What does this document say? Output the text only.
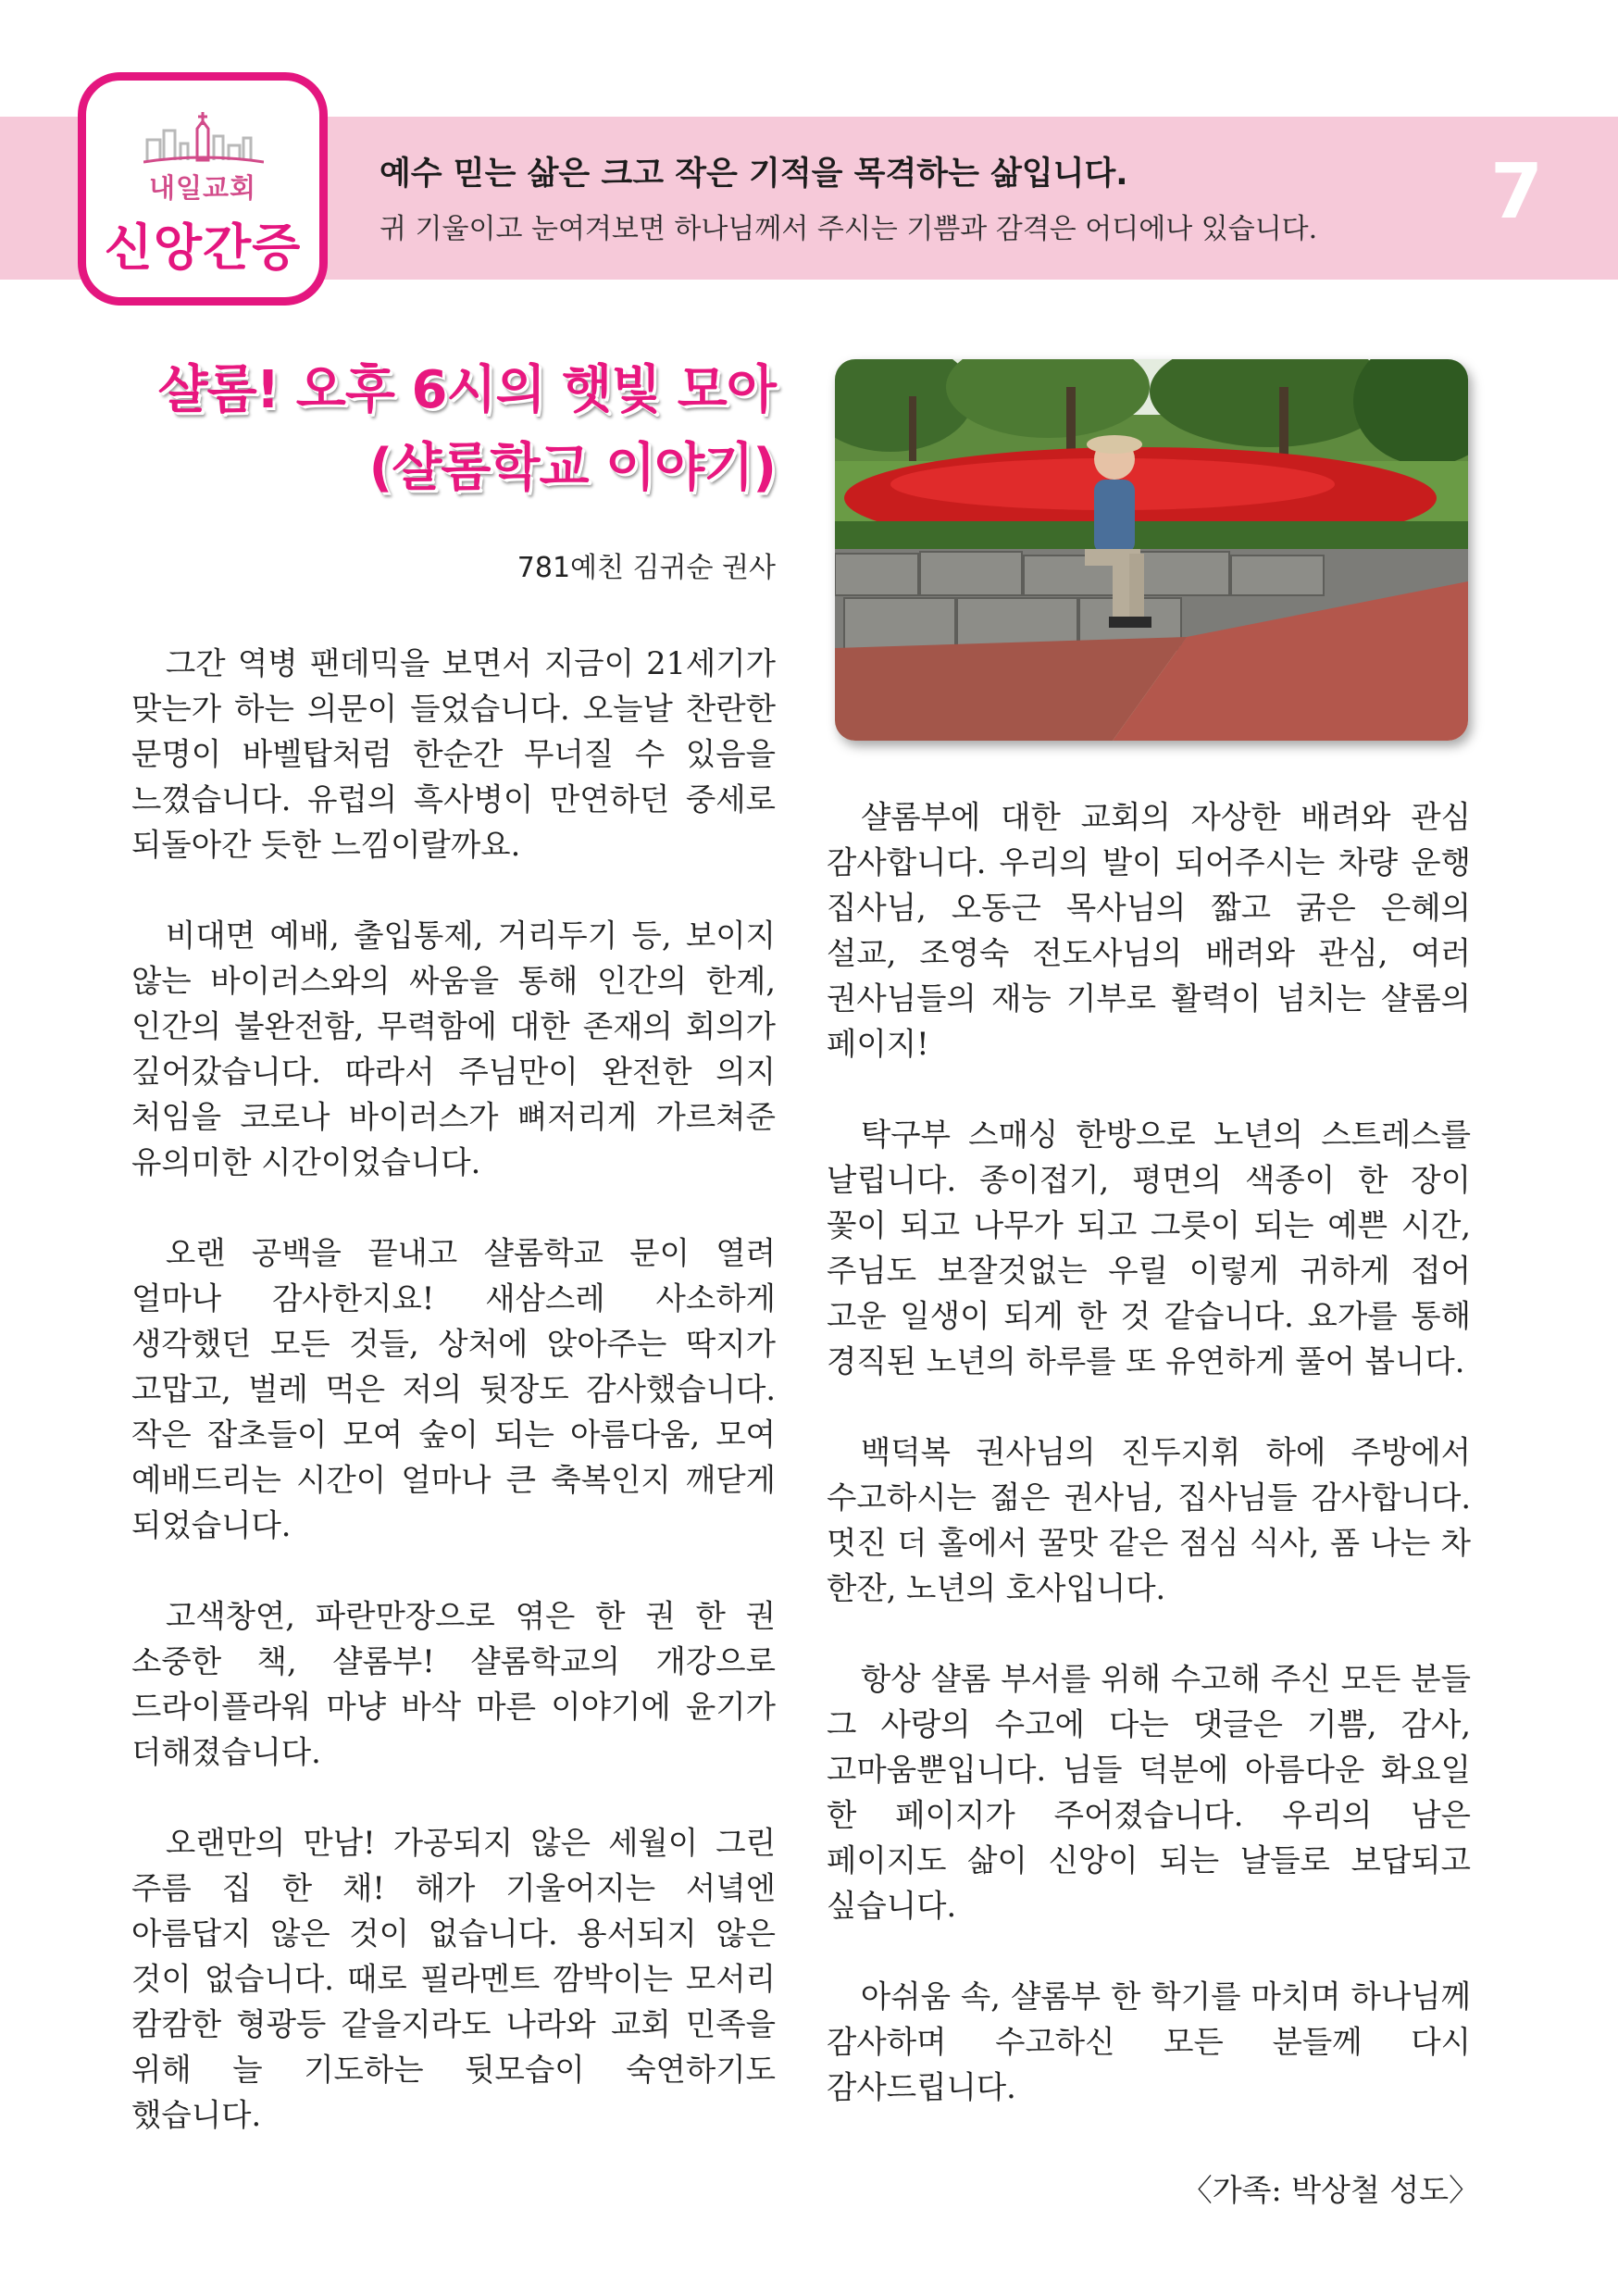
내일교회
신앙간증
예수 믿는 삶은 크고 작은 기적을 목격하는 삶입니다.
귀 기울이고 눈여겨보면 하나님께서 주시는 기쁨과 감격은 어디에나 있습니다. 7
샬롬! 오후 6시의 햇빛 모아
(샬롬학교 이야기)
781예친 김귀순 권사

그간 역병 팬데믹을 보면서 지금이 21세기가 맞는가 하는 의문이 들었습니다. 오늘날 찬란한 문명이 바벨탑처럼 한순간 무너질 수 있음을 느꼈습니다. 유럽의 흑사병이 만연하던 중세로 되돌아간 듯한 느낌이랄까요.

비대면 예배, 출입통제, 거리두기 등, 보이지 않는 바이러스와의 싸움을 통해 인간의 한계, 인간의 불완전함, 무력함에 대한 존재의 회의가 깊어갔습니다. 따라서 주님만이 완전한 의지 처임을 코로나 바이러스가 뼈저리게 가르쳐준 유의미한 시간이었습니다.

오랜 공백을 끝내고 샬롬학교 문이 열려 얼마나 감사한지요! 새삼스레 사소하게 생각했던 모든 것들, 상처에 앉아주는 딱지가 고맙고, 벌레 먹은 저의 뒷장도 감사했습니다. 작은 잡초들이 모여 숲이 되는 아름다움, 모여 예배드리는 시간이 얼마나 큰 축복인지 깨닫게 되었습니다.

고색창연, 파란만장으로 엮은 한 권 한 권 소중한 책, 샬롬부! 샬롬학교의 개강으로 드라이플라워 마냥 바삭 마른 이야기에 윤기가 더해졌습니다.

오랜만의 만남! 가공되지 않은 세월이 그린 주름 집 한 채! 해가 기울어지는 서녘엔 아름답지 않은 것이 없습니다. 용서되지 않은 것이 없습니다. 때로 필라멘트 깜박이는 모서리 캄캄한 형광등 같을지라도 나라와 교회 민족을 위해 늘 기도하는 뒷모습이 숙연하기도 했습니다.

샬롬부에 대한 교회의 자상한 배려와 관심 감사합니다. 우리의 발이 되어주시는 차량 운행 집사님, 오동근 목사님의 짧고 굵은 은혜의 설교, 조영숙 전도사님의 배려와 관심, 여러 권사님들의 재능 기부로 활력이 넘치는 샬롬의 페이지!

탁구부 스매싱 한방으로 노년의 스트레스를 날립니다. 종이접기, 평면의 색종이 한 장이 꽃이 되고 나무가 되고 그릇이 되는 예쁜 시간, 주님도 보잘것없는 우릴 이렇게 귀하게 접어 고운 일생이 되게 한 것 같습니다. 요가를 통해 경직된 노년의 하루를 또 유연하게 풀어 봅니다.

백덕복 권사님의 진두지휘 하에 주방에서 수고하시는 젊은 권사님, 집사님들 감사합니다. 멋진 더 홀에서 꿀맛 같은 점심 식사, 폼 나는 차 한잔, 노년의 호사입니다.

항상 샬롬 부서를 위해 수고해 주신 모든 분들 그 사랑의 수고에 다는 댓글은 기쁨, 감사, 고마움뿐입니다. 님들 덕분에 아름다운 화요일 한 페이지가 주어졌습니다. 우리의 남은 페이지도 삶이 신앙이 되는 날들로 보답되고 싶습니다.

아쉬움 속, 샬롬부 한 학기를 마치며 하나님께 감사하며 수고하신 모든 분들께 다시 감사드립니다.

〈가족: 박상철 성도〉
